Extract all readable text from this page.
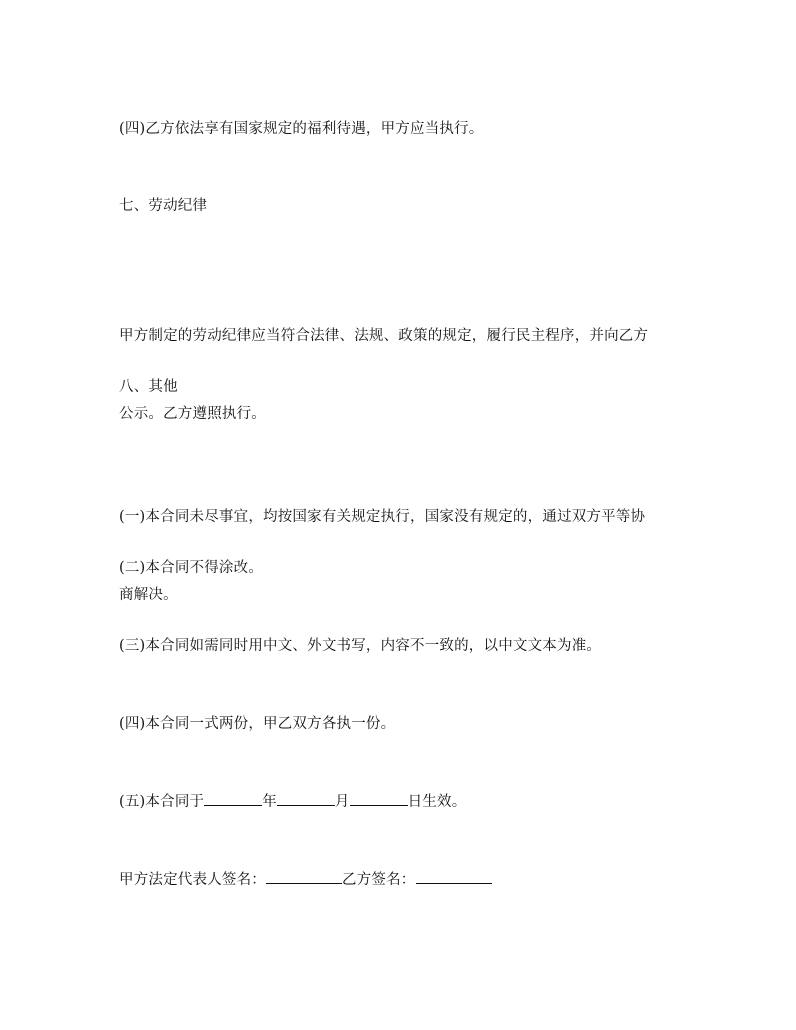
(四)乙方依法享有国家规定的福利待遇，甲方应当执行。

七、劳动纪律

甲方制定的劳动纪律应当符合法律、法规、政策的规定，履行民主程序，并向乙方

公示。乙方遵照执行。

八、其他

(一)本合同未尽事宜，均按国家有关规定执行，国家没有规定的，通过双方平等协

商解决。

(二)本合同不得涂改。

(三)本合同如需同时用中文、外文书写，内容不一致的，以中文文本为准。

(四)本合同一式两份，甲乙双方各执一份。

(五)本合同于	年	月	日生效。

甲方法定代表人签名：	乙方签名：
